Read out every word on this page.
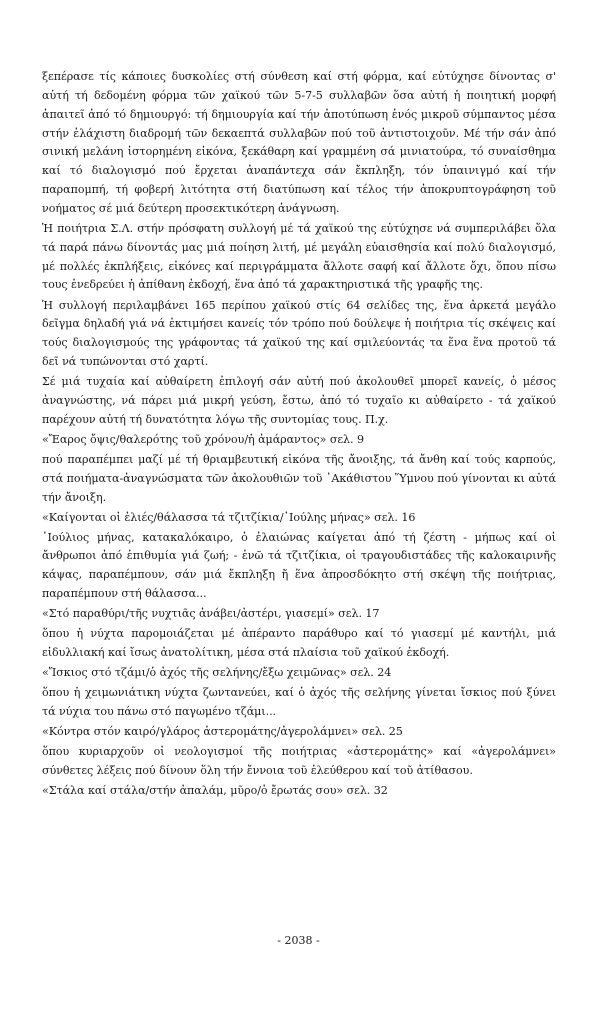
ξεπέρασε τίς κάποιες δυσκολίες στή σύνθεση καί στή φόρμα, καί εὐτύχησε δίνοντας σ' αὐτή τή δεδομένη φόρμα τῶν χαϊκού τῶν 5-7-5 συλλαβῶν ὅσα αὐτή ἡ ποιητική μορφή ἀπαιτεῖ ἀπό τό δημιουργό: τή δημιουργία καί τήν ἀποτύπωση ἑνός μικροῦ σύμπαντος μέσα στήν ἐλάχιστη διαδρομή τῶν δεκαεπτά συλλαβῶν πού τοῦ ἀντιστοιχοῦν. Μέ τήν σάν ἀπό σινική μελάνη ἱστορημένη εἰκόνα, ξεκάθαρη καί γραμμένη σά μινιατούρα, τό συναίσθημα καί τό διαλογισμό πού ἔρχεται ἀναπάντεχα σάν ἔκπληξη, τόν ὑπαινιγμό καί τήν παραπομπή, τή φοβερή λιτότητα στή διατύπωση καί τέλος τήν ἀποκρυπτογράφηση τοῦ νοήματος σέ μιά δεύτερη προσεκτικότερη ἀνάγνωση.

Ἡ ποιήτρια Σ.Λ. στήν πρόσφατη συλλογή μέ τά χαϊκού της εὐτύχησε νά συμπεριλάβει ὅλα τά παρά πάνω δίνοντάς μας μιά ποίηση λιτή, μέ μεγάλη εὐαισθησία καί πολύ διαλογισμό, μέ πολλές ἐκπλήξεις, εἰκόνες καί περιγράμματα ἄλλοτε σαφή καί ἄλλοτε ὄχι, ὅπου πίσω τους ἐνεδρεύει ἡ ἀπίθανη ἐκδοχή, ἕνα ἀπό τά χαρακτηριστικά τῆς γραφῆς της.

Ἡ συλλογή περιλαμβάνει 165 περίπου χαϊκού στίς 64 σελίδες της, ἕνα ἀρκετά μεγάλο δεῖγμα δηλαδή γιά νά ἐκτιμήσει κανείς τόν τρόπο πού δούλεψε ἡ ποιήτρια τίς σκέψεις καί τούς διαλογισμούς της γράφοντας τά χαϊκού της καί σμιλεύοντάς τα ἕνα ἕνα προτοῦ τά δεῖ νά τυπώνονται στό χαρτί.

Σέ μιά τυχαία καί αὐθαίρετη ἐπιλογή σάν αὐτή πού ἀκολουθεῖ μπορεῖ κανείς, ὁ μέσος ἀναγνώστης, νά πάρει μιά μικρή γεύση, ἔστω, ἀπό τό τυχαῖο κι αὐθαίρετο - τά χαϊκού παρέχουν αὐτή τή δυνατότητα λόγω τῆς συντομίας τους. Π.χ.

«Ἔαρος ὄψις/θαλερότης τοῦ χρόνου/ἡ ἀμάραντος» σελ. 9

πού παραπέμπει μαζί μέ τή θριαμβευτική εἰκόνα τῆς ἄνοιξης, τά ἄνθη καί τούς καρπούς, στά ποιήματα-ἀναγνώσματα τῶν ἀκολουθιῶν τοῦ ᾿Ακάθιστου Ὕμνου πού γίνονται κι αὐτά τήν ἄνοιξη.

«Καίγονται οἱ ἐλιές/θάλασσα τά τζιτζίκια/᾿Ιούλης μήνας» σελ. 16

᾿Ιούλιος μήνας, κατακαλόκαιρο, ὁ ἐλαιώνας καίγεται ἀπό τή ζέστη - μήπως καί οἱ ἄνθρωποι ἀπό ἐπιθυμία γιά ζωή; - ἐνῶ τά τζιτζίκια, οἱ τραγουδιστάδες τῆς καλοκαιρινῆς κάψας, παραπέμπουν, σάν μιά ἔκπληξη ἤ ἕνα ἀπροσδόκητο στή σκέψη τῆς ποιήτριας, παραπέμπουν στή θάλασσα...

«Στό παραθύρι/τῆς νυχτιᾶς ἀνάβει/ἀστέρι, γιασεμί» σελ. 17

ὅπου ἡ νύχτα παρομοιάζεται μέ ἀπέραντο παράθυρο καί τό γιασεμί μέ καντήλι, μιά εἰδυλλιακή καί ἴσως ἀνατολίτικη, μέσα στά πλαίσια τοῦ χαϊκού ἐκδοχή.

«Ἴσκιος στό τζάμι/ὁ ἀχός τῆς σελήνης/ἔξω χειμῶνας» σελ. 24

ὅπου ἡ χειμωνιάτικη νύχτα ζωντανεύει, καί ὁ ἀχός τῆς σελήνης γίνεται ἴσκιος πού ξύνει τά νύχια του πάνω στό παγωμένο τζάμι...

«Κόντρα στόν καιρό/γλάρος ἀστερομάτης/ἀγερολάμνει» σελ. 25

ὅπου κυριαρχοῦν οἱ νεολογισμοί τῆς ποιήτριας «ἀστερομάτης» καί «ἀγερολάμνει» σύνθετες λέξεις πού δίνουν ὅλη τήν ἔννοια τοῦ ἐλεύθερου καί τοῦ ἀτίθασου.

«Στάλα καί στάλα/στήν ἀπαλάμ, μῦρο/ὁ ἔρωτάς σου» σελ. 32

- 2038 -
